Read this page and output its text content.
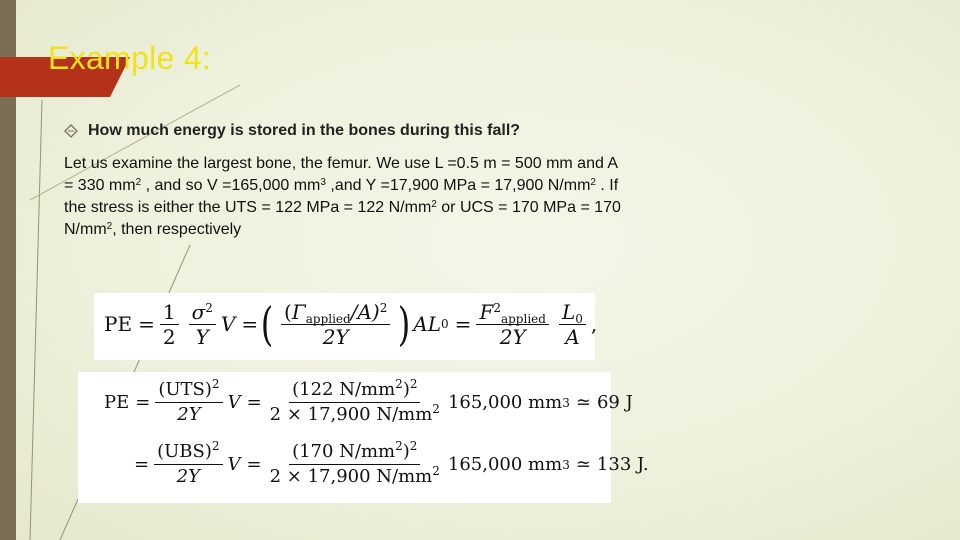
Example 4:
How much energy is stored in the bones during this fall?

Let us examine the largest bone, the femur. We use L =0.5 m = 500 mm and A = 330 $mm^2$ , and so V =165,000 $mm^3$ ,and Y =17,900 MPa = 17,900 $N/mm^2$ . If the stress is either the UTS = 122 MPa = 122 $N/mm^2$ or UCS = 170 MPa = 170 $N/mm^2$, then respectively

PE = $\frac{1}{2} \frac{\sigma^2}{Y}$ V = ( $\frac{(\Gamma_{applied}/A)^2}{2Y}$ ) A L $0 = \frac{F^2_{applied}}{2Y} \frac{L_0}{A}$ ,
PE = $\frac{(UTS)^2}{2Y}$ $V = \frac{(122 N/mm^2)^2}{2 \times 17,900 N/mm^2} 165,000$ mm 3 ≃ 69 J
= $\frac{(UBS)^2}{2Y}$ $V = \frac{(170 N/mm^2)^2}{2 \times 17,900 N/mm^2} 165,000$ mm 3 ≃ 133 J.
